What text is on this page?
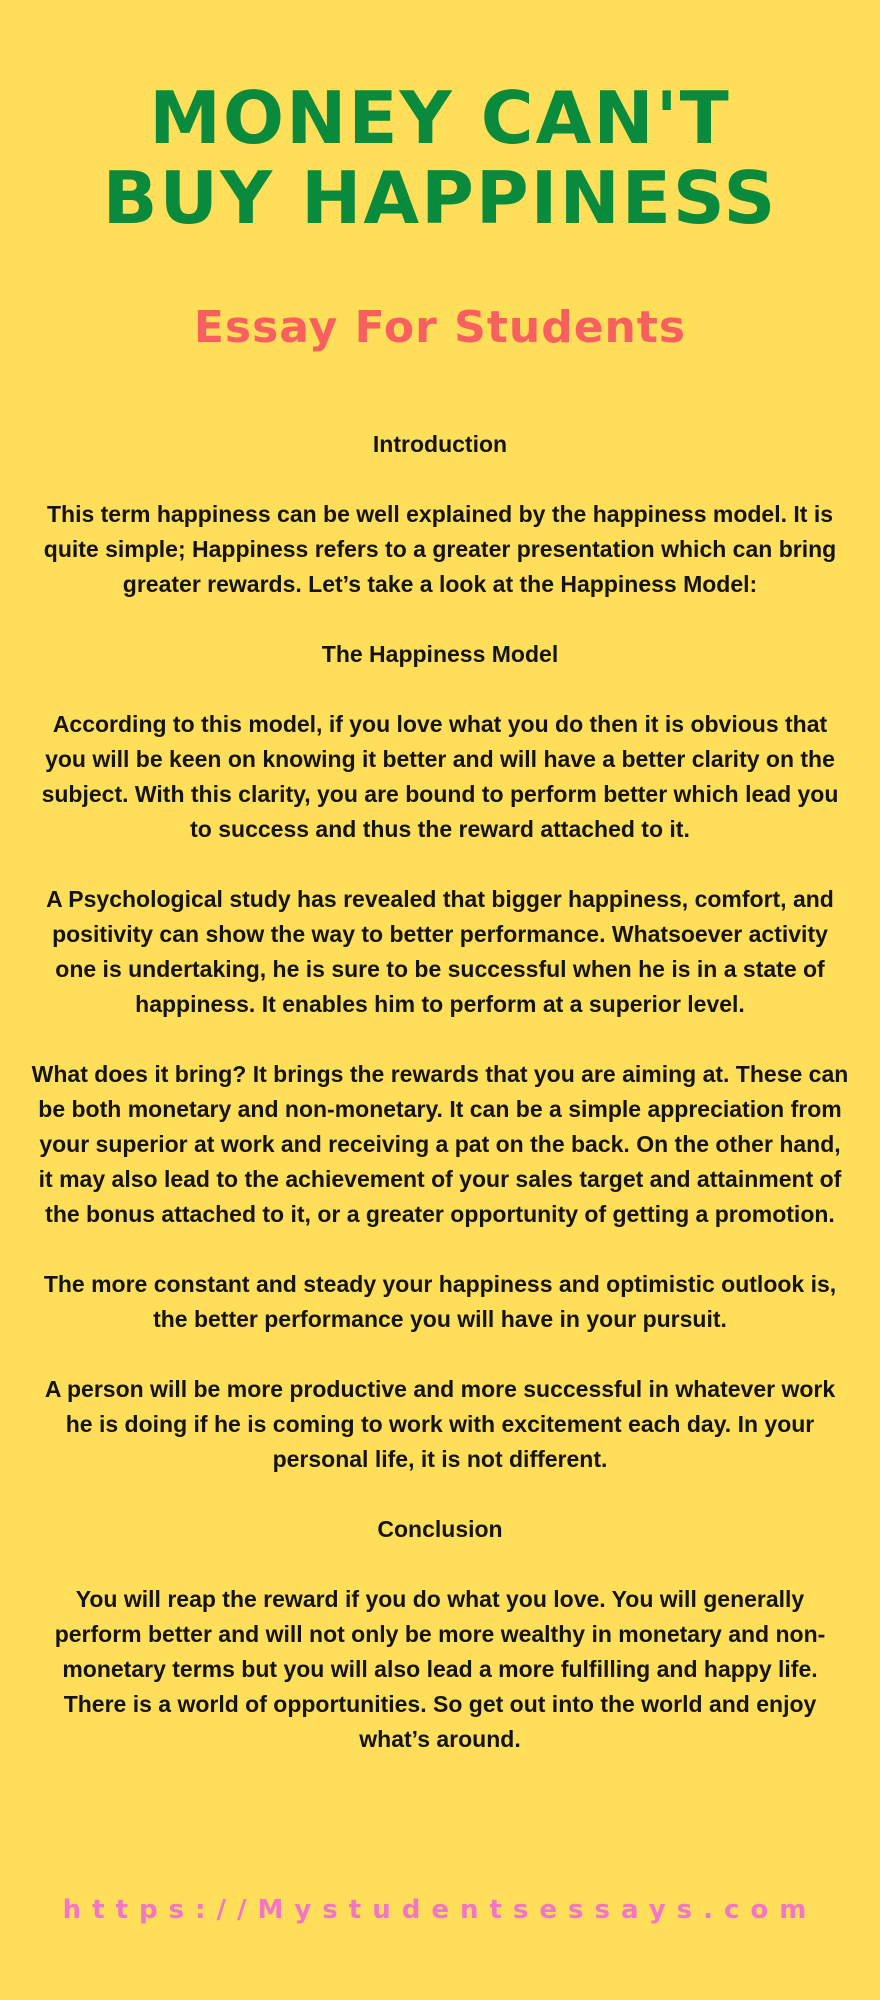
MONEY CAN'T BUY HAPPINESS
Essay For Students

Introduction

This term happiness can be well explained by the happiness model. It is quite simple; Happiness refers to a greater presentation which can bring greater rewards. Let’s take a look at the Happiness Model:

The Happiness Model

According to this model, if you love what you do then it is obvious that you will be keen on knowing it better and will have a better clarity on the subject. With this clarity, you are bound to perform better which lead you to success and thus the reward attached to it.

A Psychological study has revealed that bigger happiness, comfort, and positivity can show the way to better performance. Whatsoever activity one is undertaking, he is sure to be successful when he is in a state of happiness. It enables him to perform at a superior level.

What does it bring? It brings the rewards that you are aiming at. These can be both monetary and non-monetary. It can be a simple appreciation from your superior at work and receiving a pat on the back. On the other hand, it may also lead to the achievement of your sales target and attainment of the bonus attached to it, or a greater opportunity of getting a promotion.

The more constant and steady your happiness and optimistic outlook is, the better performance you will have in your pursuit.

A person will be more productive and more successful in whatever work he is doing if he is coming to work with excitement each day. In your personal life, it is not different.

Conclusion

You will reap the reward if you do what you love. You will generally perform better and will not only be more wealthy in monetary and non-monetary terms but you will also lead a more fulfilling and happy life. There is a world of opportunities. So get out into the world and enjoy what’s around.

https://Mystudentsessays.com
